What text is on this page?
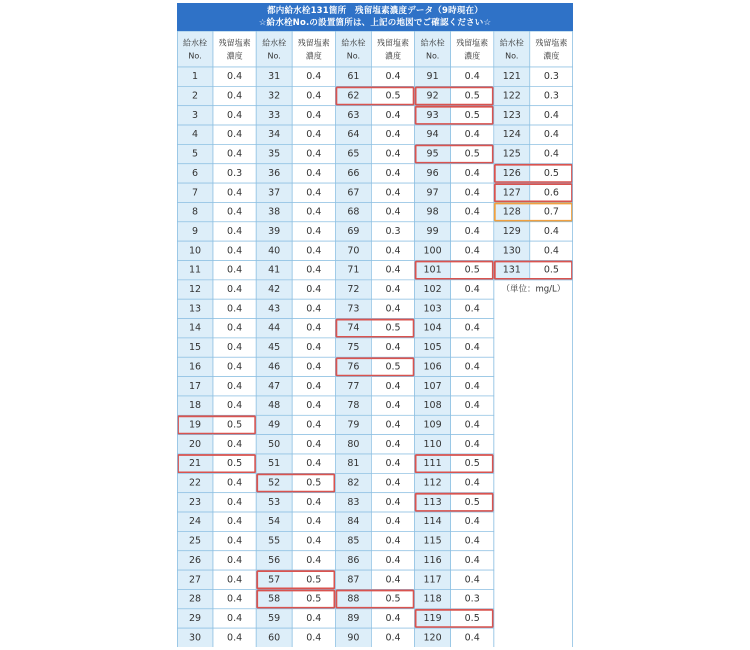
都内給水栓131箇所　残留塩素濃度データ（9時現在）
☆給水栓No.の設置箇所は、上記の地図でご確認ください☆
給水栓
No.
残留塩素
濃度
1	0.4
2	0.4
3	0.4
4	0.4
5	0.4
6	0.3
7	0.4
8	0.4
9	0.4
10	0.4
11	0.4
12	0.4
13	0.4
14	0.4
15	0.4
16	0.4
17	0.4
18	0.4
19	0.5
20	0.4
21	0.5
22	0.4
23	0.4
24	0.4
25	0.4
26	0.4
27	0.4
28	0.4
29	0.4
30	0.4
給水栓
No.
残留塩素
濃度
31	0.4
32	0.4
33	0.4
34	0.4
35	0.4
36	0.4
37	0.4
38	0.4
39	0.4
40	0.4
41	0.4
42	0.4
43	0.4
44	0.4
45	0.4
46	0.4
47	0.4
48	0.4
49	0.4
50	0.4
51	0.4
52	0.5
53	0.4
54	0.4
55	0.4
56	0.4
57	0.5
58	0.5
59	0.4
60	0.4
給水栓
No.
残留塩素
濃度
61	0.4
62	0.5
63	0.4
64	0.4
65	0.4
66	0.4
67	0.4
68	0.4
69	0.3
70	0.4
71	0.4
72	0.4
73	0.4
74	0.5
75	0.4
76	0.5
77	0.4
78	0.4
79	0.4
80	0.4
81	0.4
82	0.4
83	0.4
84	0.4
85	0.4
86	0.4
87	0.4
88	0.5
89	0.4
90	0.4
給水栓
No.
残留塩素
濃度
91	0.4
92	0.5
93	0.5
94	0.4
95	0.5
96	0.4
97	0.4
98	0.4
99	0.4
100 0.4
101 0.5
102 0.4
103 0.4
104 0.4
105 0.4
106 0.4
107 0.4
108 0.4
109 0.4
110 0.4
111 0.5
112 0.4
113 0.5
114 0.4
115 0.4
116 0.4
117 0.4
118 0.3
119 0.5
120 0.4
給水栓
No.
残留塩素
濃度
121 0.3
122 0.3
123 0.4
124 0.4
125 0.4
126 0.5
127 0.6
128 0.7
129 0.4
130 0.4
131 0.5
（単位：mg/L）
